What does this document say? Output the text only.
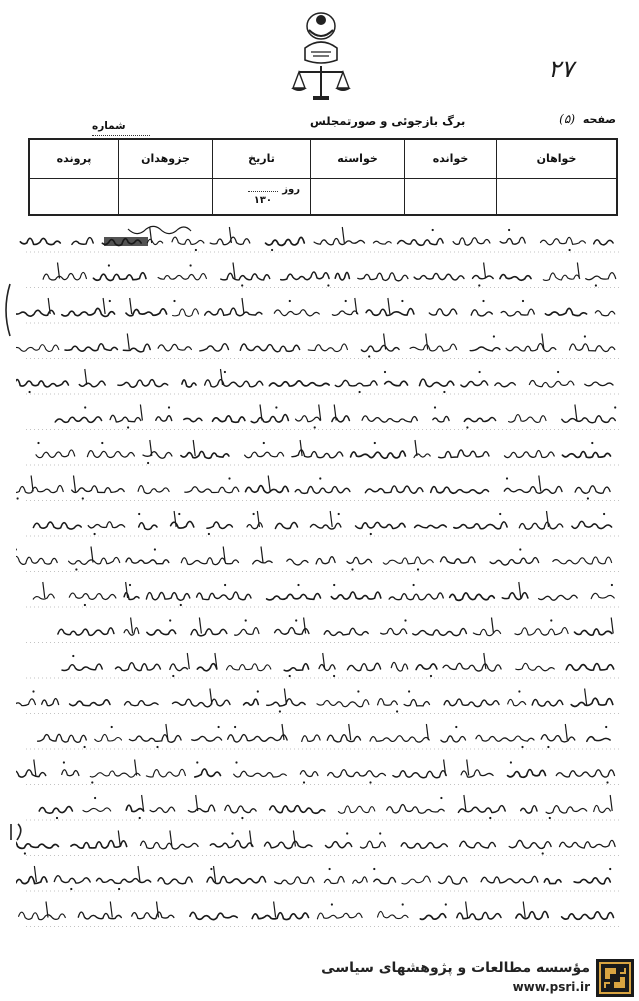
۲۷
صفحه (۵)
برگ بازجوئی و صورتمجلس
شماره
خواهان
خوانده
خواسته
تاریخ
روز۱۳۰
جزوهدان
پرونده

مؤسسه مطالعات و پژوهشهای سیاسی
www.psri.ir
